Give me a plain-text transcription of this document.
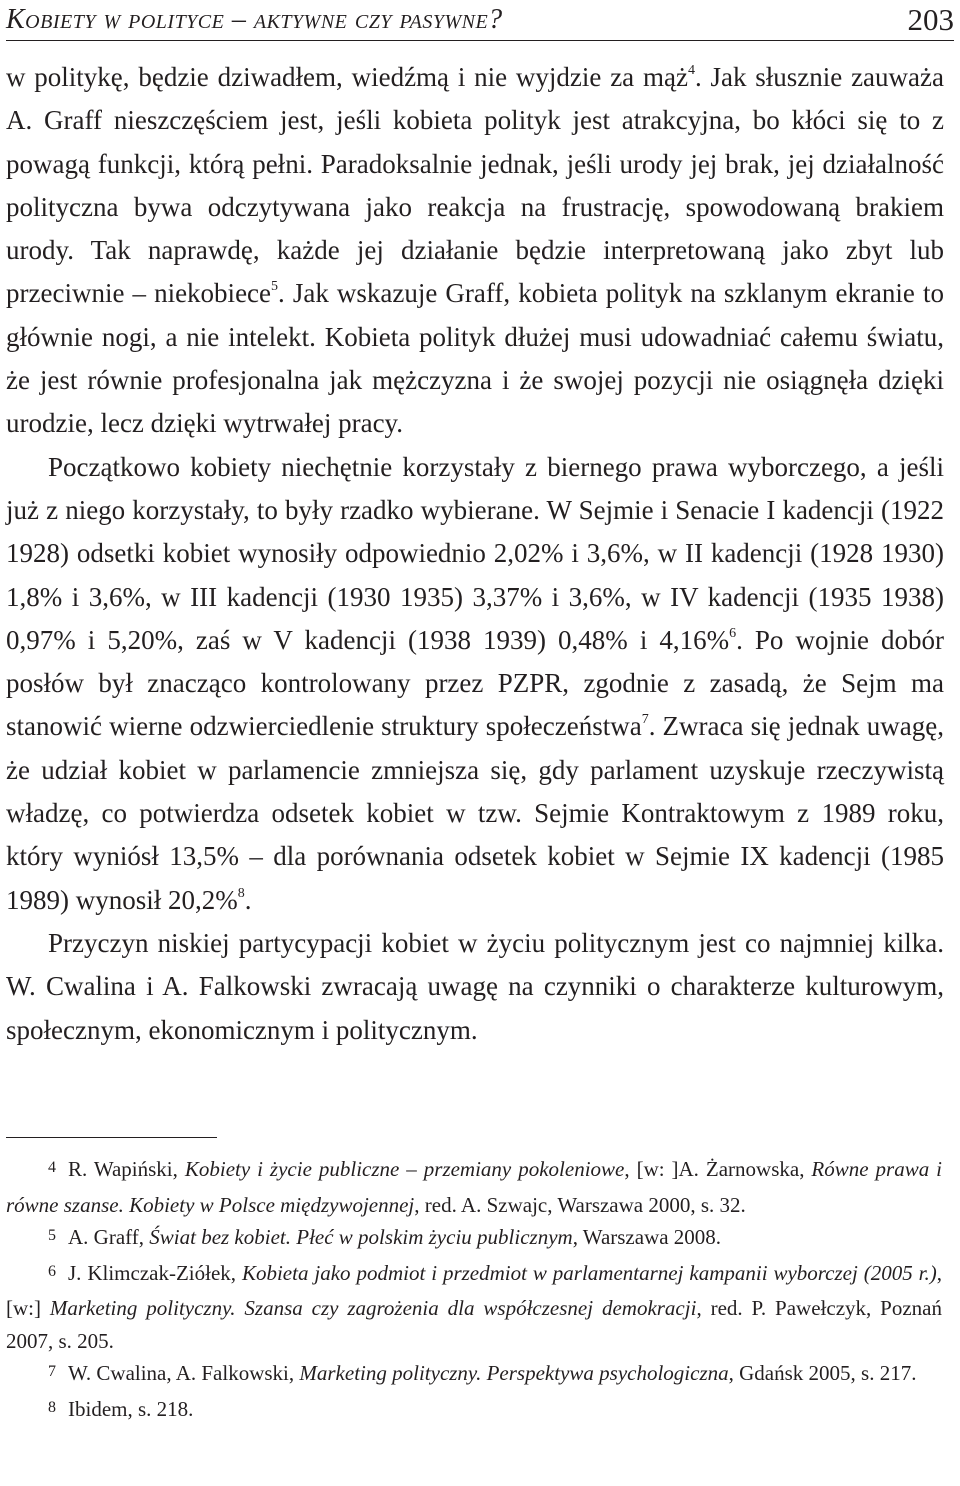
Kobiety w polityce – aktywne czy pasywne?	203

w politykę, będzie dziwadłem, wiedźmą i nie wyjdzie za mąż$^4$. Jak słusznie zauważa A. Graff nieszczęściem jest, jeśli kobieta polityk jest atrakcyjna, bo kłóci się to z powagą funkcji, którą pełni. Paradoksalnie jednak, jeśli urody jej brak, jej działalność polityczna bywa odczytywana jako reakcja na frustrację, spowodowaną brakiem urody. Tak naprawdę, każde jej działanie będzie interpretowaną jako zbyt lub przeciwnie – niekobiece$^5$. Jak wskazuje Graff, kobieta polityk na szklanym ekranie to głównie nogi, a nie intelekt. Kobieta polityk dłużej musi udowadniać całemu światu, że jest równie profesjonalna jak mężczyzna i że swojej pozycji nie osiągnęła dzięki urodzie, lecz dzięki wytrwałej pracy.

Początkowo kobiety niechętnie korzystały z biernego prawa wyborczego, a jeśli już z niego korzystały, to były rzadko wybierane. W Sejmie i Senacie I kadencji (1922 1928) odsetki kobiet wynosiły odpowiednio 2,02% i 3,6%, w II kadencji (1928 1930) 1,8% i 3,6%, w III kadencji (1930 1935) 3,37% i 3,6%, w IV kadencji (1935 1938) 0,97% i 5,20%, zaś w V kadencji (1938 1939) 0,48% i 4,16%$^6$. Po wojnie dobór posłów był znacząco kontrolowany przez PZPR, zgodnie z zasadą, że Sejm ma stanowić wierne odzwierciedlenie struktury społeczeństwa$^7$. Zwraca się jednak uwagę, że udział kobiet w parlamencie zmniejsza się, gdy parlament uzyskuje rzeczywistą władzę, co potwierdza odsetek kobiet w tzw. Sejmie Kontraktowym z 1989 roku, który wyniósł 13,5% – dla porównania odsetek kobiet w Sejmie IX kadencji (1985 1989) wynosił 20,2%$^8$.

Przyczyn niskiej partycypacji kobiet w życiu politycznym jest co najmniej kilka. W. Cwalina i A. Falkowski zwracają uwagę na czynniki o charakterze kulturowym, społecznym, ekonomicznym i politycznym.

4 R. Wapiński, Kobiety i życie publiczne – przemiany pokoleniowe, [w: ]A. Żarnowska, Równe prawa i równe szanse. Kobiety w Polsce międzywojennej, red. A. Szwajc, Warszawa 2000, s. 32.

5 A. Graff, Świat bez kobiet. Płeć w polskim życiu publicznym, Warszawa 2008.

6 J. Klimczak-Ziółek, Kobieta jako podmiot i przedmiot w parlamentarnej kampanii wyborczej (2005 r.), [w:] Marketing polityczny. Szansa czy zagrożenia dla współczesnej demokracji, red. P. Pawełczyk, Poznań 2007, s. 205.

7 W. Cwalina, A. Falkowski, Marketing polityczny. Perspektywa psychologiczna, Gdańsk 2005, s. 217.

8 Ibidem, s. 218.
